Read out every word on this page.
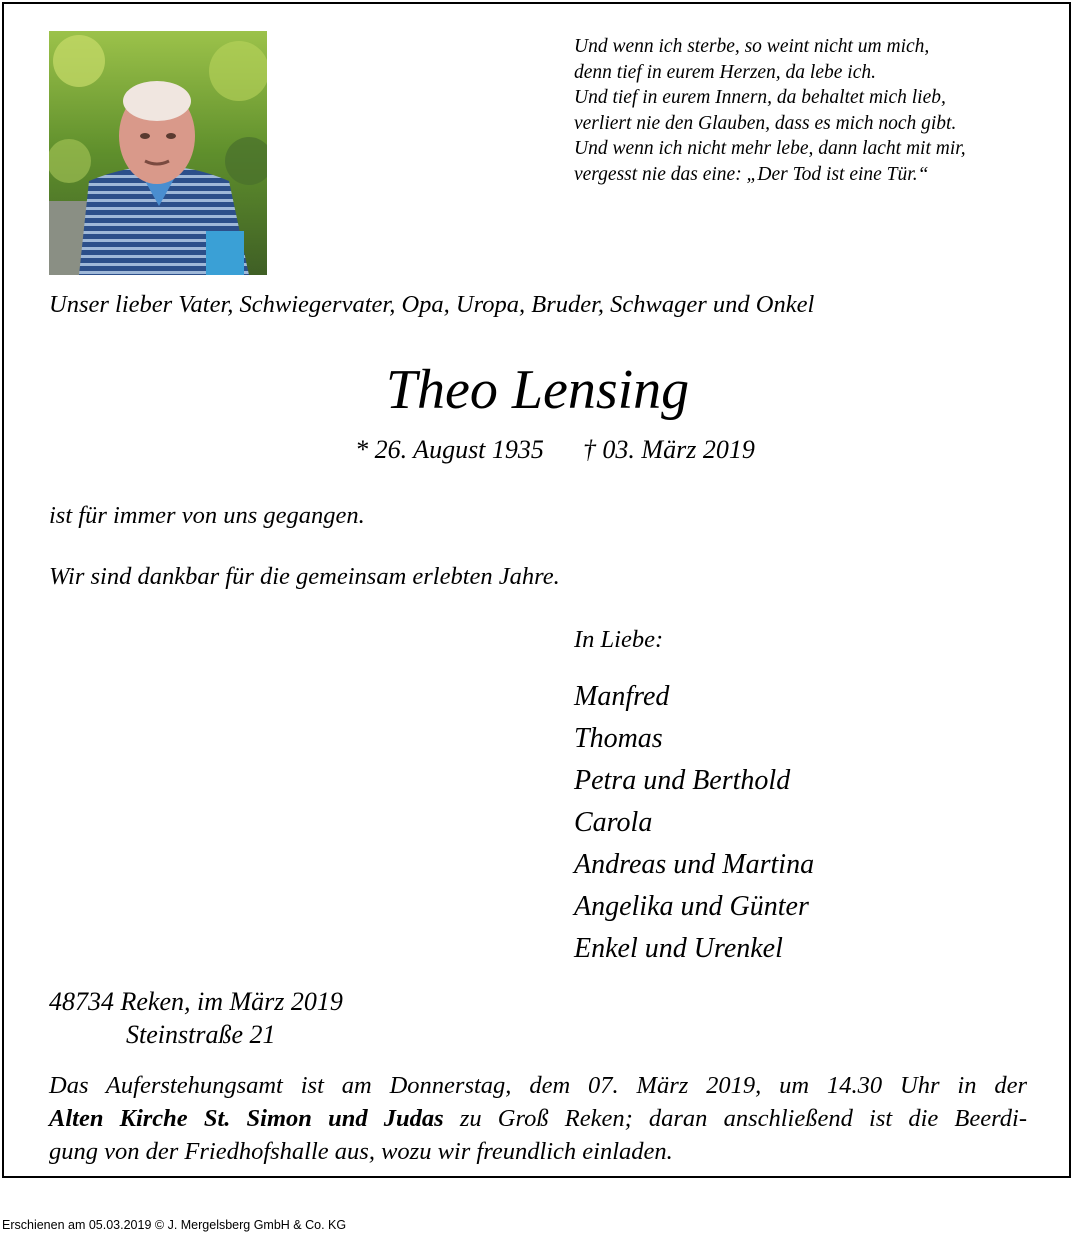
Und wenn ich sterbe, so weint nicht um mich,
denn tief in eurem Herzen, da lebe ich.
Und tief in eurem Innern, da behaltet mich lieb,
verliert nie den Glauben, dass es mich noch gibt.
Und wenn ich nicht mehr lebe, dann lacht mit mir,
vergesst nie das eine: „Der Tod ist eine Tür.“
Unser lieber Vater, Schwiegervater, Opa, Uropa, Bruder, Schwager und Onkel
Theo Lensing
* 26. August 1935 † 03. März 2019
ist für immer von uns gegangen.
Wir sind dankbar für die gemeinsam erlebten Jahre.
In Liebe:
Manfred
Thomas
Petra und Berthold
Carola
Andreas und Martina
Angelika und Günter
Enkel und Urenkel
48734 Reken, im März 2019
Steinstraße 21
Das Auferstehungsamt ist am Donnerstag, dem 07. März 2019, um 14.30 Uhr in der
Alten Kirche St. Simon und Judas zu Groß Reken; daran anschließend ist die Beerdi-
gung von der Friedhofshalle aus, wozu wir freundlich einladen.
Erschienen am 05.03.2019 © J. Mergelsberg GmbH & Co. KG
